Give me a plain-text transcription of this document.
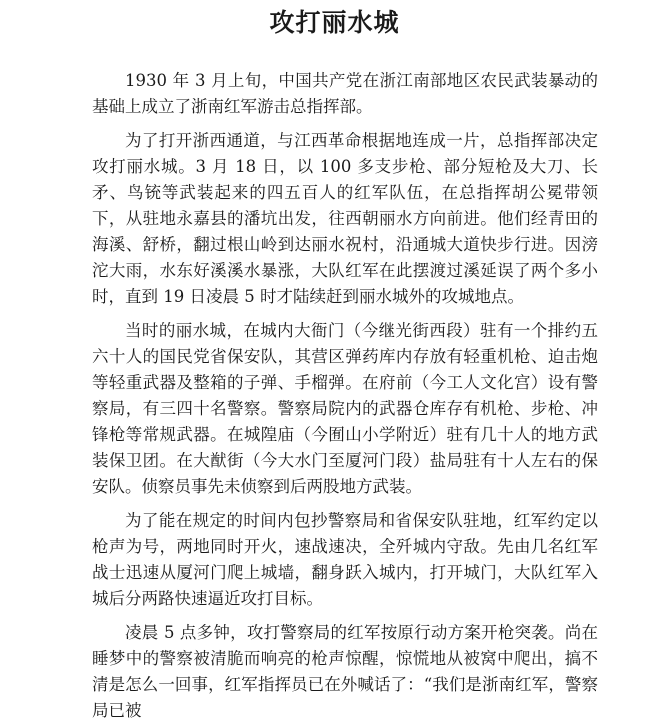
攻打丽水城

1930 年 3 月上旬，中国共产党在浙江南部地区农民武装暴动的基础上成立了浙南红军游击总指挥部。

为了打开浙西通道，与江西革命根据地连成一片，总指挥部决定攻打丽水城。3 月 18 日，以 100 多支步枪、部分短枪及大刀、长矛、鸟铳等武装起来的四五百人的红军队伍，在总指挥胡公冕带领下，从驻地永嘉县的潘坑出发，往西朝丽水方向前进。他们经青田的海溪、舒桥，翻过根山岭到达丽水祝村，沿通城大道快步行进。因滂沱大雨，水东好溪溪水暴涨，大队红军在此摆渡过溪延误了两个多小时，直到 19 日凌晨 5 时才陆续赶到丽水城外的攻城地点。

当时的丽水城，在城内大衙门（今继光街西段）驻有一个排约五六十人的国民党省保安队，其营区弹药库内存放有轻重机枪、迫击炮等轻重武器及整箱的子弹、手榴弹。在府前（今工人文化宫）设有警察局，有三四十名警察。警察局院内的武器仓库存有机枪、步枪、冲锋枪等常规武器。在城隍庙（今囿山小学附近）驻有几十人的地方武装保卫团。在大猷街（今大水门至厦河门段）盐局驻有十人左右的保安队。侦察员事先未侦察到后两股地方武装。

为了能在规定的时间内包抄警察局和省保安队驻地，红军约定以枪声为号，两地同时开火，速战速决，全歼城内守敌。先由几名红军战士迅速从厦河门爬上城墙，翻身跃入城内，打开城门，大队红军入城后分两路快速逼近攻打目标。

凌晨 5 点多钟，攻打警察局的红军按原行动方案开枪突袭。尚在睡梦中的警察被清脆而响亮的枪声惊醒，惊慌地从被窝中爬出，搞不清是怎么一回事，红军指挥员已在外喊话了：“我们是浙南红军，警察局已被
